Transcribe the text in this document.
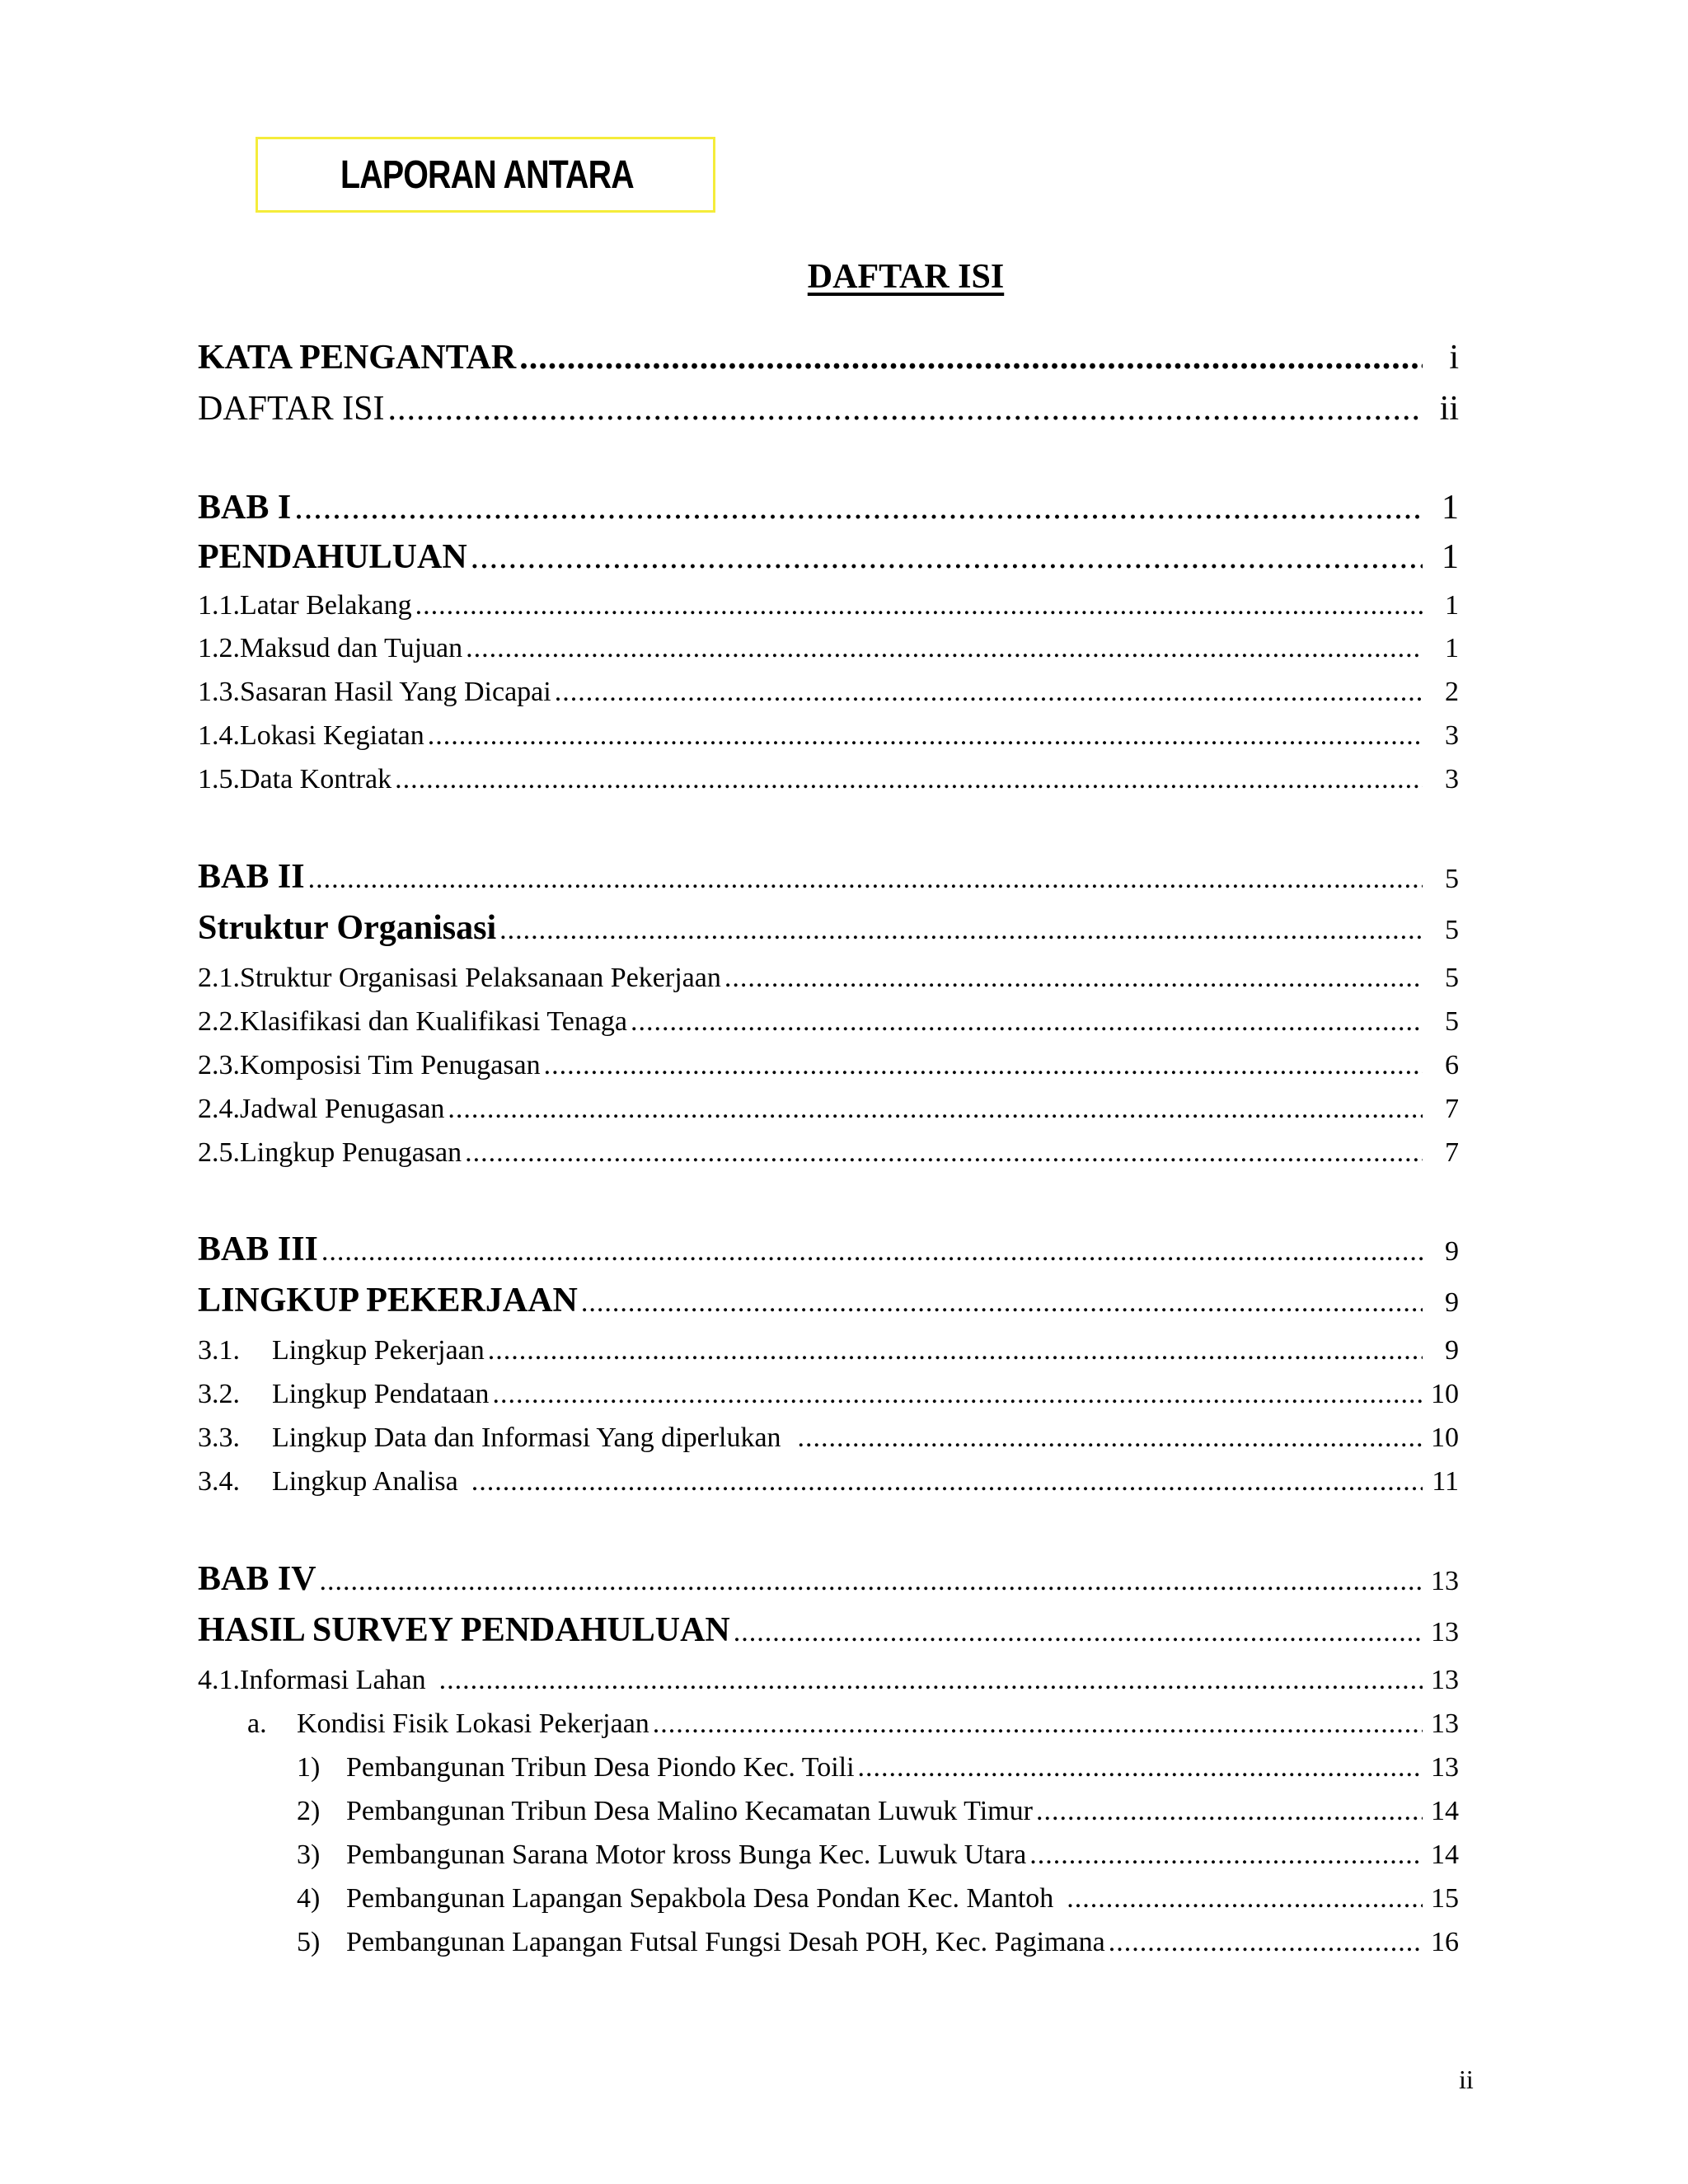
LAPORAN ANTARA
DAFTAR ISI
KATA PENGANTAR .....	i
DAFTAR ISI .....	ii
BAB I .....	1
PENDAHULUAN .....	1
1.1.Latar Belakang .....	1
1.2.Maksud dan Tujuan .....	1
1.3.Sasaran Hasil Yang Dicapai .....	2
1.4.Lokasi Kegiatan .....	3
1.5.Data Kontrak .....	3
BAB II .....	5
Struktur Organisasi .....	5
2.1.Struktur Organisasi Pelaksanaan Pekerjaan .....	5
2.2.Klasifikasi dan Kualifikasi Tenaga .....	5
2.3.Komposisi Tim Penugasan .....	6
2.4.Jadwal Penugasan .....	7
2.5.Lingkup Penugasan .....	7
BAB III .....	9
LINGKUP PEKERJAAN .....	9
3.1. Lingkup Pekerjaan .....	9
3.2. Lingkup Pendataan .....	10
3.3. Lingkup Data dan Informasi Yang diperlukan .....	10
3.4. Lingkup Analisa .....	11
BAB IV .....	13
HASIL SURVEY PENDAHULUAN .....	13
4.1.Informasi Lahan .....	13
a. Kondisi Fisik Lokasi Pekerjaan .....	13
1) Pembangunan Tribun Desa Piondo Kec. Toili .....	13
2) Pembangunan Tribun Desa Malino Kecamatan Luwuk Timur .....	14
3) Pembangunan Sarana Motor kross Bunga Kec. Luwuk Utara .....	14
4) Pembangunan Lapangan Sepakbola Desa Pondan Kec. Mantoh .....	15
5) Pembangunan Lapangan Futsal Fungsi Desah POH, Kec. Pagimana .....	16
ii
